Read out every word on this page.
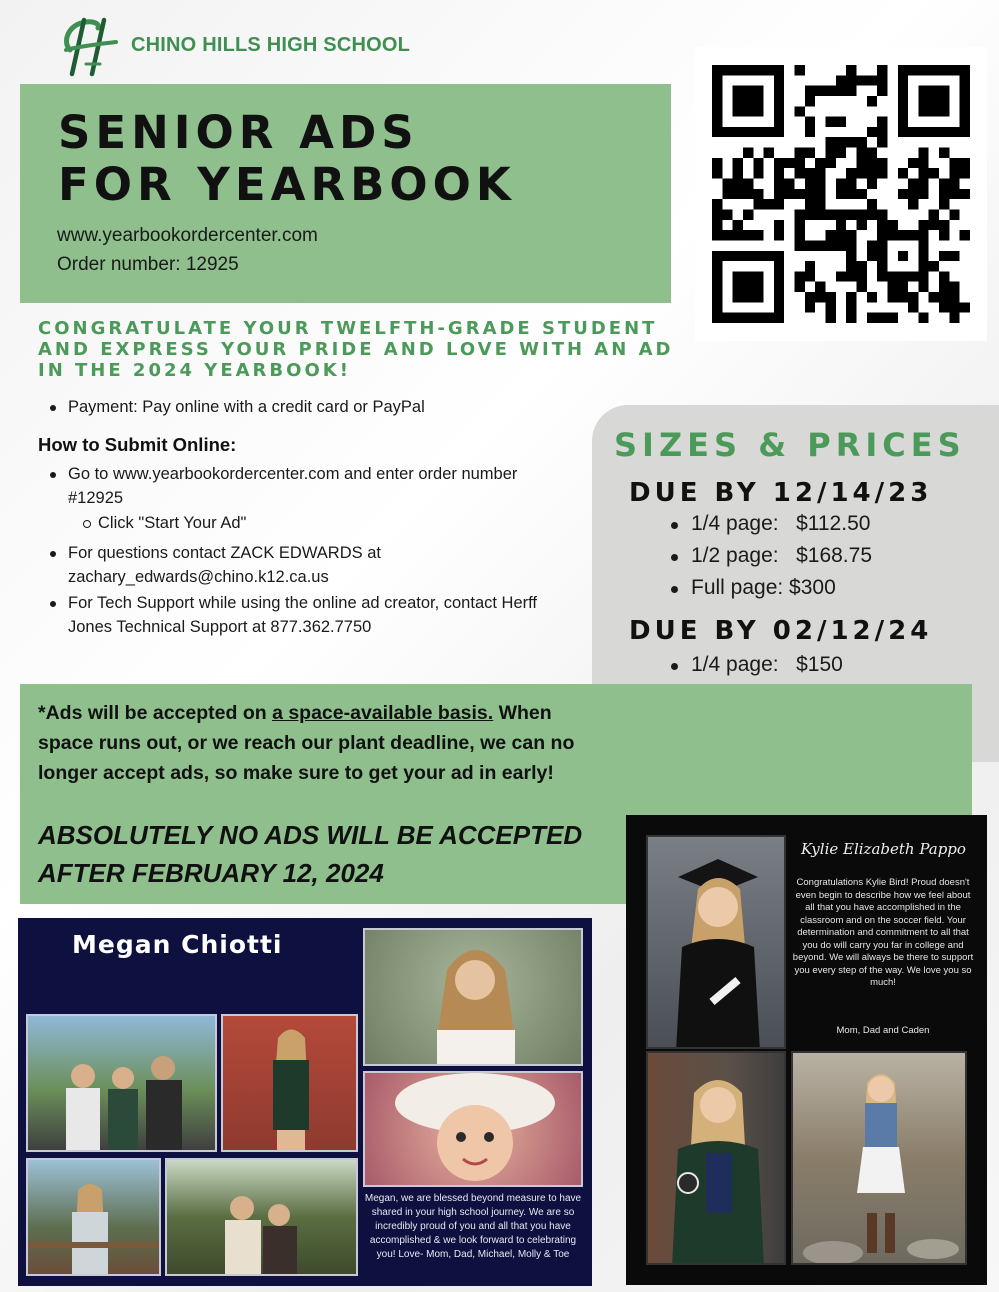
CHINO HILLS HIGH SCHOOL
SENIOR ADS
FOR YEARBOOK
www.yearbookordercenter.com
Order number: 12925
CONGRATULATE YOUR TWELFTH-GRADE STUDENT AND EXPRESS YOUR PRIDE AND LOVE WITH AN AD IN THE 2024 YEARBOOK!
Payment: Pay online with a credit card or PayPal
How to Submit Online:
Go to www.yearbookordercenter.com and enter order number #12925
Click "Start Your Ad"
For questions contact ZACK EDWARDS at zachary_edwards@chino.k12.ca.us
For Tech Support while using the online ad creator, contact Herff Jones Technical Support at 877.362.7750
SIZES & PRICES
DUE BY 12/14/23
1/4 page:   $112.50
1/2 page:   $168.75
Full page: $300
DUE BY 02/12/24
1/4 page:   $150
*Ads will be accepted on a space-available basis. When space runs out, or we reach our plant deadline, we can no longer accept ads, so make sure to get your ad in early!
ABSOLUTELY NO ADS WILL BE ACCEPTED AFTER FEBRUARY 12, 2024
Megan Chiotti
Megan, we are blessed beyond measure to have shared in your high school journey. We are so incredibly proud of you and all that you have accomplished & we look forward to celebrating you! Love- Mom, Dad, Michael, Molly & Toe
Kylie Elizabeth Pappo
Congratulations Kylie Bird! Proud doesn't even begin to describe how we feel about all that you have accomplished in the classroom and on the soccer field. Your determination and commitment to all that you do will carry you far in college and beyond. We will always be there to support you every step of the way. We love you so much!
Mom, Dad and Caden
